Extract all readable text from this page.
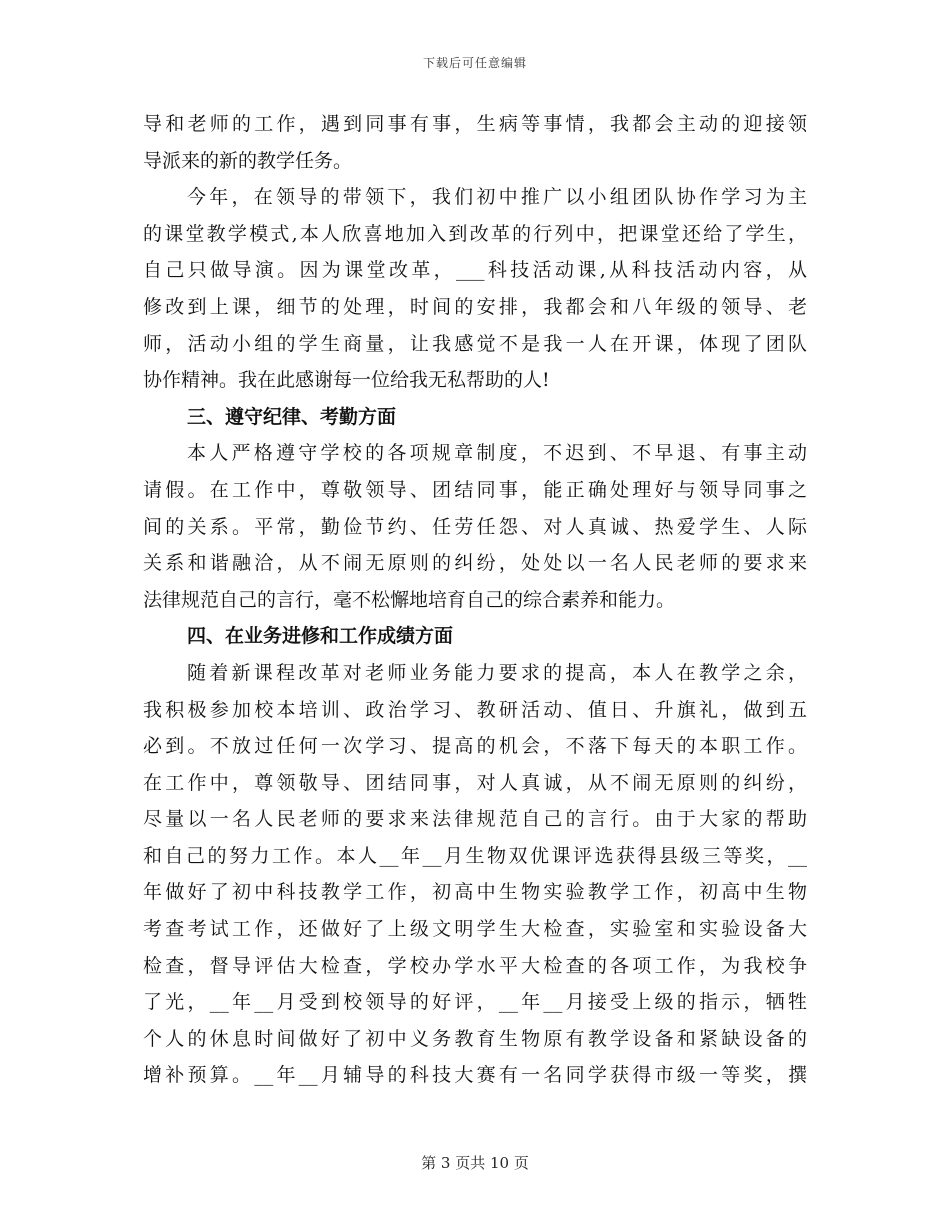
下载后可任意编辑
导和老师的工作，遇到同事有事，生病等事情，我都会主动的迎接领
导派来的新的教学任务。
今年，在领导的带领下，我们初中推广以小组团队协作学习为主
的课堂教学模式,本人欣喜地加入到改革的行列中，把课堂还给了学生，
自己只做导演。因为课堂改革，___科技活动课,从科技活动内容，从
修改到上课，细节的处理，时间的安排，我都会和八年级的领导、老
师，活动小组的学生商量，让我感觉不是我一人在开课，体现了团队
协作精神。我在此感谢每一位给我无私帮助的人!
三、遵守纪律、考勤方面
本人严格遵守学校的各项规章制度，不迟到、不早退、有事主动
请假。在工作中，尊敬领导、团结同事，能正确处理好与领导同事之
间的关系。平常，勤俭节约、任劳任怨、对人真诚、热爱学生、人际
关系和谐融洽，从不闹无原则的纠纷，处处以一名人民老师的要求来
法律规范自己的言行，毫不松懈地培育自己的综合素养和能力。
四、在业务进修和工作成绩方面
随着新课程改革对老师业务能力要求的提高，本人在教学之余，
我积极参加校本培训、政治学习、教研活动、值日、升旗礼，做到五
必到。不放过任何一次学习、提高的机会，不落下每天的本职工作。
在工作中，尊领敬导、团结同事，对人真诚，从不闹无原则的纠纷，
尽量以一名人民老师的要求来法律规范自己的言行。由于大家的帮助
和自己的努力工作。本人__年__月生物双优课评选获得县级三等奖，__
年做好了初中科技教学工作，初高中生物实验教学工作，初高中生物
考查考试工作，还做好了上级文明学生大检查，实验室和实验设备大
检查，督导评估大检查，学校办学水平大检查的各项工作，为我校争
了光，__年__月受到校领导的好评，__年__月接受上级的指示，牺牲
个人的休息时间做好了初中义务教育生物原有教学设备和紧缺设备的
增补预算。__年__月辅导的科技大赛有一名同学获得市级一等奖，撰
第 3 页共 10 页
